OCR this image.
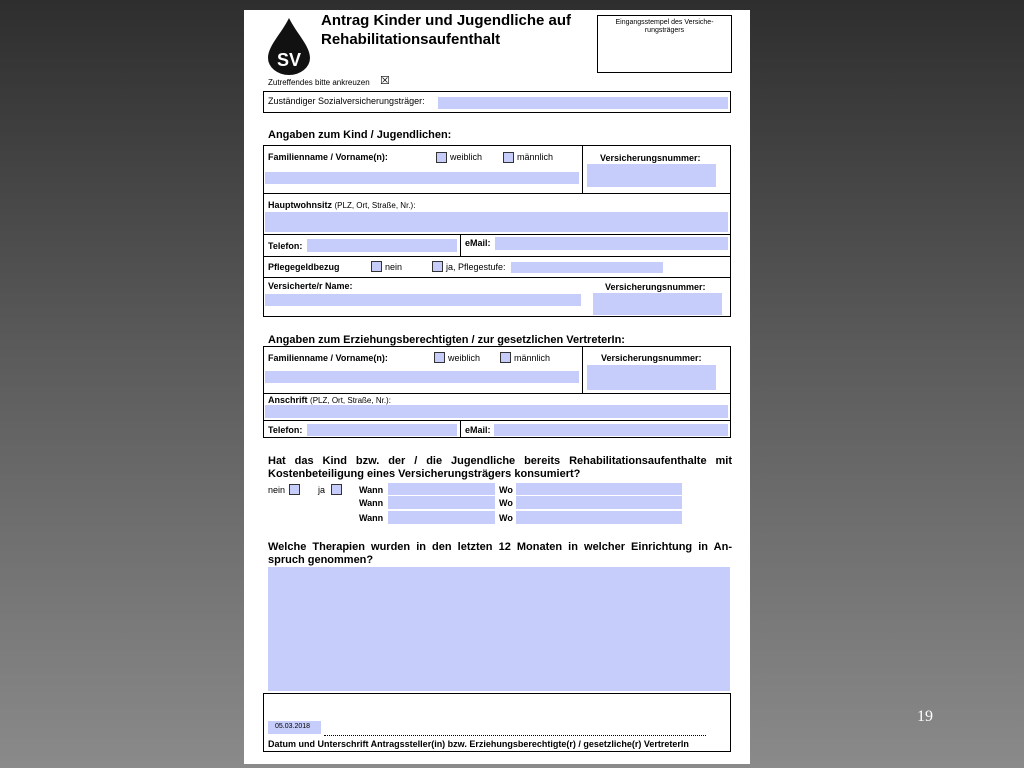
SV
Antrag Kinder und Jugendliche auf
Rehabilitationsaufenthalt
Eingangsstempel des Versiche-
rungsträgers
Zutreffendes bitte ankreuzen ☒
Zuständiger Sozialversicherungsträger:
Angaben zum Kind / Jugendlichen:
Familienname / Vorname(n):	weiblich	männlich	Versicherungsnummer:
Hauptwohnsitz (PLZ, Ort, Straße, Nr.):
Telefon:	eMail:
Pflegegeldbezug	nein	ja, Pflegestufe:
Versicherte/r Name:	Versicherungsnummer:
Angaben zum Erziehungsberechtigten / zur gesetzlichen VertreterIn:
Familienname / Vorname(n):	weiblich	männlich	Versicherungsnummer:
Anschrift (PLZ, Ort, Straße, Nr.):
Telefon:	eMail:
Hat das Kind bzw. der / die Jugendliche bereits Rehabilitationsaufenthalte mit
Kostenbeteiligung eines Versicherungsträgers konsumiert?
nein	ja	Wann	Wo
Wann	Wo
Wann	Wo
Welche Therapien wurden in den letzten 12 Monaten in welcher Einrichtung in An-
spruch genommen?
05.03.2018
Datum und Unterschrift Antragssteller(in) bzw. Erziehungsberechtigte(r) / gesetzliche(r) VertreterIn
19
